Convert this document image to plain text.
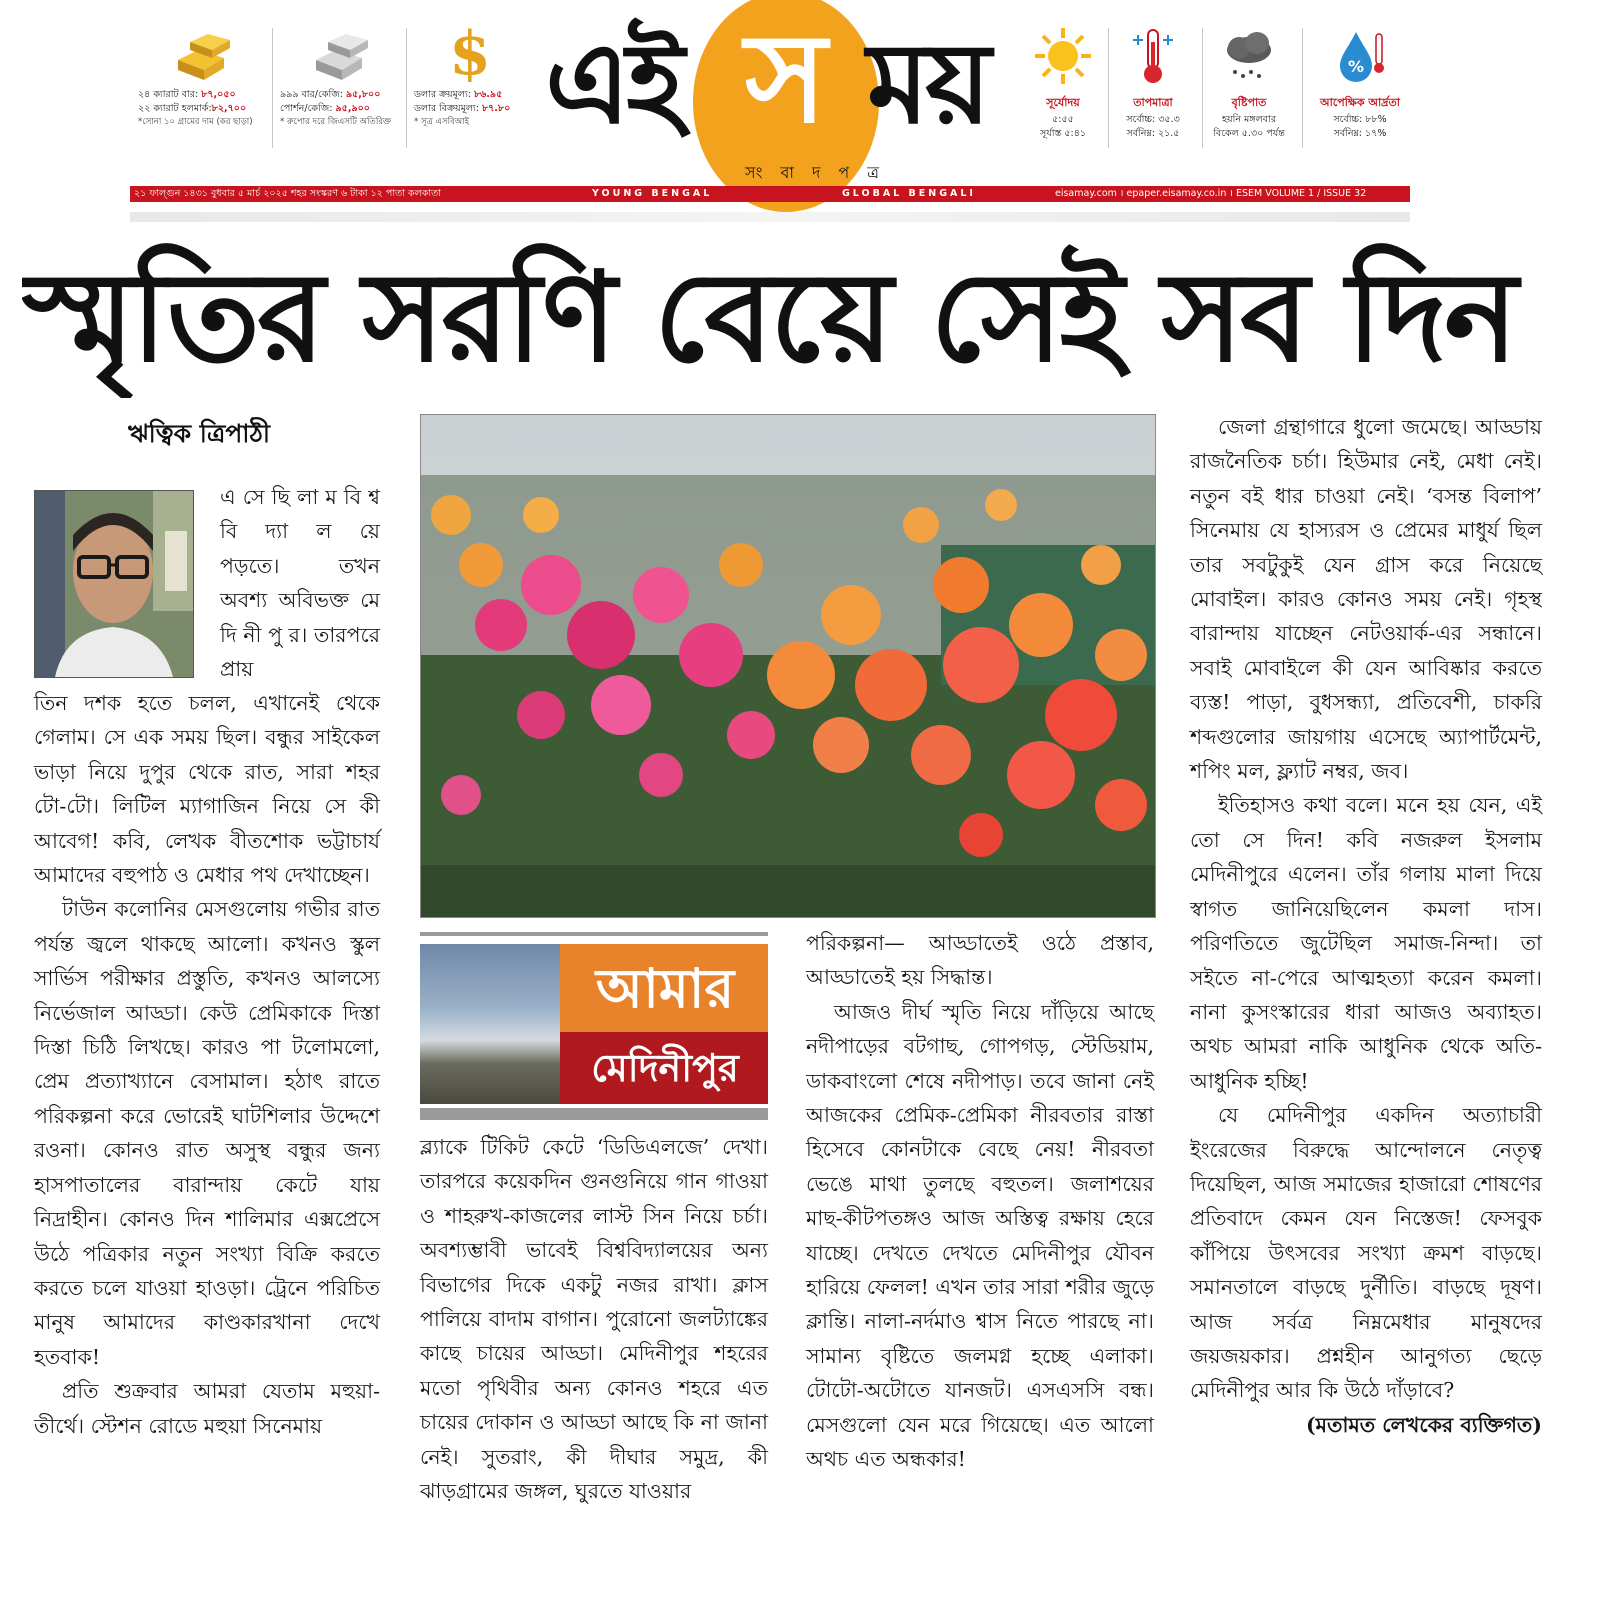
২৪ ক্যারাট বার: ৮৭,০৫০
২২ ক্যারাট হলমার্ক:৮২,৭০০
*সোনা ১০ গ্রামের দাম (কর ছাড়া)
৯৯৯ বার/কেজি: ৯৫,৮০০
পোর্শন/কেজি: ৯৫,৯০০
* রুপোর দরে জিএসটি অতিরিক্ত
$
ডলার ক্রয়মূল্য: ৮৬.৯৫
ডলার বিক্রয়মূল্য: ৮৭.৮০
* সূত্র এসবিআই এই স ময়
সংবাদপত্র
সূর্যোদয়
৫:৫৫
সূর্যাস্ত ৫:৪১
তাপমাত্রা
সর্বোচ্চ: ৩৫.৩
সর্বনিম্ন: ২১.৫
বৃষ্টিপাত
হয়নি মঙ্গলবার
বিকেল ৫.৩০ পর্যন্ত
%
আপেক্ষিক আর্দ্রতা
সর্বোচ্চ: ৮৮%
সর্বনিম্ন: ১৭%
২১ ফাল্গুন ১৪৩১ বুধবার ৫ মার্চ ২০২৫ শহর সংস্করণ ৬ টাকা ১২ পাতা কলকাতা	YOUNG BENGAL	GLOBAL BENGALI	eisamay.com । epaper.eisamay.co.in । ESEM VOLUME 1 / ISSUE 32
স্মৃতির সরণি বেয়ে সেই সব দিন
ঋত্বিক ত্রিপাঠী

এ সে ছি লা ম বি শ্ব বি দ্যা ল য়ে পড়তে। তখন অবশ্য অবিভক্ত মে দি নী পু র। তারপরে প্রায়

তিন দশক হতে চলল, এখানেই থেকে গেলাম। সে এক সময় ছিল। বন্ধুর সাইকেল ভাড়া নিয়ে দুপুর থেকে রাত, সারা শহর টো-টো। লিটিল ম্যাগাজিন নিয়ে সে কী আবেগ! কবি, লেখক বীতশোক ভট্টাচার্য আমাদের বহুপাঠ ও মেধার পথ দেখাচ্ছেন।

টাউন কলোনির মেসগুলোয় গভীর রাত পর্যন্ত জ্বলে থাকছে আলো। কখনও স্কুল সার্ভিস পরীক্ষার প্রস্তুতি, কখনও আলস্যে নির্ভেজাল আড্ডা। কেউ প্রেমিকাকে দিস্তা দিস্তা চিঠি লিখছে। কারও পা টলোমলো, প্রেম প্রত্যাখ্যানে বেসামাল। হঠাৎ রাতে পরিকল্পনা করে ভোরেই ঘাটশিলার উদ্দেশে রওনা। কোনও রাত অসুস্থ বন্ধুর জন্য হাসপাতালের বারান্দায় কেটে যায় নিদ্রাহীন। কোনও দিন শালিমার এক্সপ্রেসে উঠে পত্রিকার নতুন সংখ্যা বিক্রি করতে করতে চলে যাওয়া হাওড়া। ট্রেনে পরিচিত মানুষ আমাদের কাণ্ডকারখানা দেখে হতবাক!

প্রতি শুক্রবার আমরা যেতাম মহুয়া-তীর্থে। স্টেশন রোডে মহুয়া সিনেমায়

আমার
মেদিনীপুর

ব্ল্যাকে টিকিট কেটে ‘ডিডিএলজে’ দেখা। তারপরে কয়েকদিন গুনগুনিয়ে গান গাওয়া ও শাহরুখ-কাজলের লাস্ট সিন নিয়ে চর্চা। অবশ্যম্ভাবী ভাবেই বিশ্ববিদ্যালয়ের অন্য বিভাগের দিকে একটু নজর রাখা। ক্লাস পালিয়ে বাদাম বাগান। পুরোনো জলট্যাঙ্কের কাছে চায়ের আড্ডা। মেদিনীপুর শহরের মতো পৃথিবীর অন্য কোনও শহরে এত চায়ের দোকান ও আড্ডা আছে কি না জানা নেই। সুতরাং, কী দীঘার সমুদ্র, কী ঝাড়গ্রামের জঙ্গল, ঘুরতে যাওয়ার

পরিকল্পনা— আড্ডাতেই ওঠে প্রস্তাব, আড্ডাতেই হয় সিদ্ধান্ত।

আজও দীর্ঘ স্মৃতি নিয়ে দাঁড়িয়ে আছে নদীপাড়ের বটগাছ, গোপগড়, স্টেডিয়াম, ডাকবাংলো শেষে নদীপাড়। তবে জানা নেই আজকের প্রেমিক-প্রেমিকা নীরবতার রাস্তা হিসেবে কোনটাকে বেছে নেয়! নীরবতা ভেঙে মাথা তুলছে বহুতল। জলাশয়ের মাছ-কীটপতঙ্গও আজ অস্তিত্ব রক্ষায় হেরে যাচ্ছে। দেখতে দেখতে মেদিনীপুর যৌবন হারিয়ে ফেলল! এখন তার সারা শরীর জুড়ে ক্লান্তি। নালা-নর্দমাও শ্বাস নিতে পারছে না। সামান্য বৃষ্টিতে জলমগ্ন হচ্ছে এলাকা। টোটো-অটোতে যানজট। এসএসসি বন্ধ। মেসগুলো যেন মরে গিয়েছে। এত আলো অথচ এত অন্ধকার!

জেলা গ্রন্থাগারে ধুলো জমেছে। আড্ডায় রাজনৈতিক চর্চা। হিউমার নেই, মেধা নেই। নতুন বই ধার চাওয়া নেই। ‘বসন্ত বিলাপ’ সিনেমায় যে হাস্যরস ও প্রেমের মাধুর্য ছিল তার সবটুকুই যেন গ্রাস করে নিয়েছে মোবাইল। কারও কোনও সময় নেই। গৃহস্থ বারান্দায় যাচ্ছেন নেটওয়ার্ক-এর সন্ধানে। সবাই মোবাইলে কী যেন আবিষ্কার করতে ব্যস্ত! পাড়া, বুধসন্ধ্যা, প্রতিবেশী, চাকরি শব্দগুলোর জায়গায় এসেছে অ্যাপার্টমেন্ট, শপিং মল, ফ্ল্যাট নম্বর, জব।

ইতিহাসও কথা বলে। মনে হয় যেন, এই তো সে দিন! কবি নজরুল ইসলাম মেদিনীপুরে এলেন। তাঁর গলায় মালা দিয়ে স্বাগত জানিয়েছিলেন কমলা দাস। পরিণতিতে জুটেছিল সমাজ-নিন্দা। তা সইতে না-পেরে আত্মহত্যা করেন কমলা। নানা কুসংস্কারের ধারা আজও অব্যাহত। অথচ আমরা নাকি আধুনিক থেকে অতি-আধুনিক হচ্ছি!

যে মেদিনীপুর একদিন অত্যাচারী ইংরেজের বিরুদ্ধে আন্দোলনে নেতৃত্ব দিয়েছিল, আজ সমাজের হাজারো শোষণের প্রতিবাদে কেমন যেন নিস্তেজ! ফেসবুক কাঁপিয়ে উৎসবের সংখ্যা ক্রমশ বাড়ছে। সমানতালে বাড়ছে দুর্নীতি। বাড়ছে দূষণ। আজ সর্বত্র নিম্নমেধার মানুষদের জয়জয়কার। প্রশ্নহীন আনুগত্য ছেড়ে মেদিনীপুর আর কি উঠে দাঁড়াবে?

(মতামত লেখকের ব্যক্তিগত)
